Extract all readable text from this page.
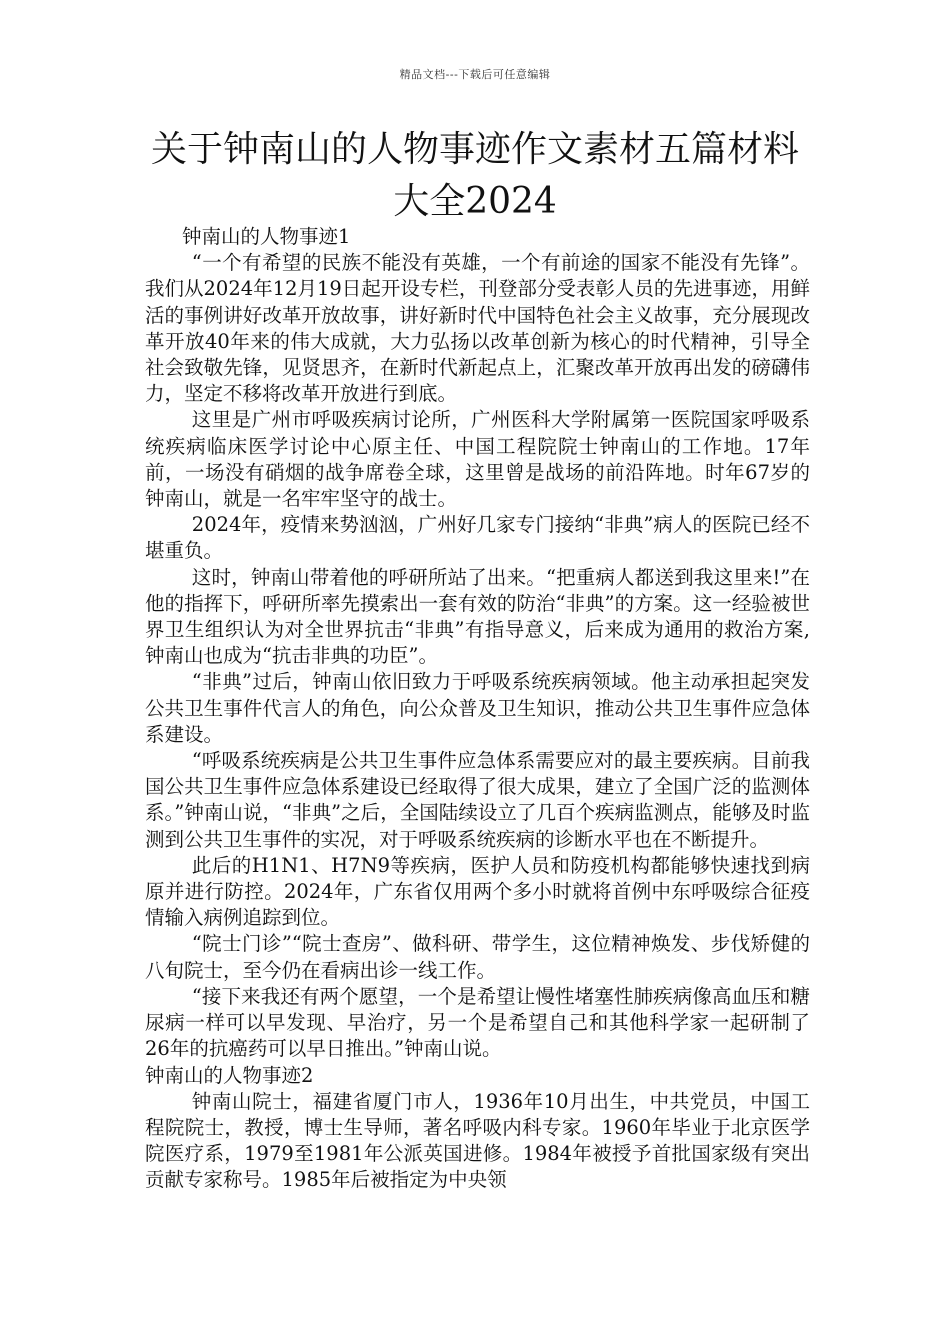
精品文档---下载后可任意编辑
关于钟南山的人物事迹作文素材五篇材料大全2024

钟南山的人物事迹1

“一个有希望的民族不能没有英雄，一个有前途的国家不能没有先锋”。我们从2024年12月19日起开设专栏，刊登部分受表彰人员的先进事迹，用鲜活的事例讲好改革开放故事，讲好新时代中国特色社会主义故事，充分展现改革开放40年来的伟大成就，大力弘扬以改革创新为核心的时代精神，引导全社会致敬先锋，见贤思齐，在新时代新起点上，汇聚改革开放再出发的磅礴伟力，坚定不移将改革开放进行到底。

这里是广州市呼吸疾病讨论所，广州医科大学附属第一医院国家呼吸系统疾病临床医学讨论中心原主任、中国工程院院士钟南山的工作地。17年前，一场没有硝烟的战争席卷全球，这里曾是战场的前沿阵地。时年67岁的钟南山，就是一名牢牢坚守的战士。

2024年，疫情来势汹汹，广州好几家专门接纳“非典”病人的医院已经不堪重负。

这时，钟南山带着他的呼研所站了出来。“把重病人都送到我这里来!”在他的指挥下，呼研所率先摸索出一套有效的防治“非典”的方案。这一经验被世界卫生组织认为对全世界抗击“非典”有指导意义，后来成为通用的救治方案,钟南山也成为“抗击非典的功臣”。

“非典”过后，钟南山依旧致力于呼吸系统疾病领域。他主动承担起突发公共卫生事件代言人的角色，向公众普及卫生知识，推动公共卫生事件应急体系建设。

“呼吸系统疾病是公共卫生事件应急体系需要应对的最主要疾病。目前我国公共卫生事件应急体系建设已经取得了很大成果，建立了全国广泛的监测体系。”钟南山说，“非典”之后，全国陆续设立了几百个疾病监测点，能够及时监测到公共卫生事件的实况，对于呼吸系统疾病的诊断水平也在不断提升。

此后的H1N1、H7N9等疾病，医护人员和防疫机构都能够快速找到病原并进行防控。2024年，广东省仅用两个多小时就将首例中东呼吸综合征疫情输入病例追踪到位。

“院士门诊”“院士查房”、做科研、带学生，这位精神焕发、步伐矫健的八旬院士，至今仍在看病出诊一线工作。

“接下来我还有两个愿望，一个是希望让慢性堵塞性肺疾病像高血压和糖尿病一样可以早发现、早治疗，另一个是希望自己和其他科学家一起研制了26年的抗癌药可以早日推出。”钟南山说。

钟南山的人物事迹2

钟南山院士，福建省厦门市人，1936年10月出生，中共党员，中国工程院院士，教授，博士生导师，著名呼吸内科专家。1960年毕业于北京医学院医疗系，1979至1981年公派英国进修。1984年被授予首批国家级有突出贡献专家称号。1985年后被指定为中央领
